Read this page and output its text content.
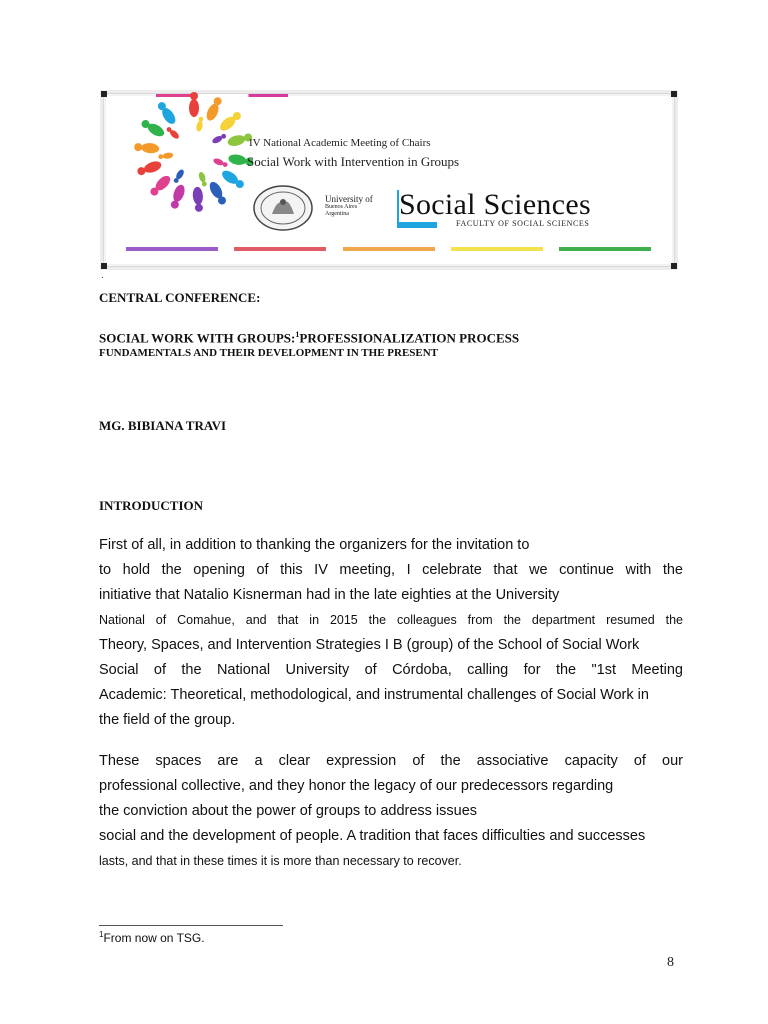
IV National Academic Meeting of Chairs
Social Work with Intervention in Groups
University of
Buenos Aires
Argentina	Social Sciences
FACULTY OF SOCIAL SCIENCES
.
CENTRAL CONFERENCE:
SOCIAL WORK WITH GROUPS:$^1$PROFESSIONALIZATION PROCESS
FUNDAMENTALS AND THEIR DEVELOPMENT IN THE PRESENT
MG. BIBIANA TRAVI
INTRODUCTION
First of all, in addition to thanking the organizers for the invitation to
to hold the opening of this IV meeting, I celebrate that we continue with the
initiative that Natalio Kisnerman had in the late eighties at the University
National of Comahue, and that in 2015 the colleagues from the department resumed the
Theory, Spaces, and Intervention Strategies I B (group) of the School of Social Work
Social of the National University of Córdoba, calling for the "1st Meeting
Academic: Theoretical, methodological, and instrumental challenges of Social Work in
the field of the group.
These spaces are a clear expression of the associative capacity of our
professional collective, and they honor the legacy of our predecessors regarding
the conviction about the power of groups to address issues
social and the development of people. A tradition that faces difficulties and successes
lasts, and that in these times it is more than necessary to recover.
$^1$From now on TSG.
8
